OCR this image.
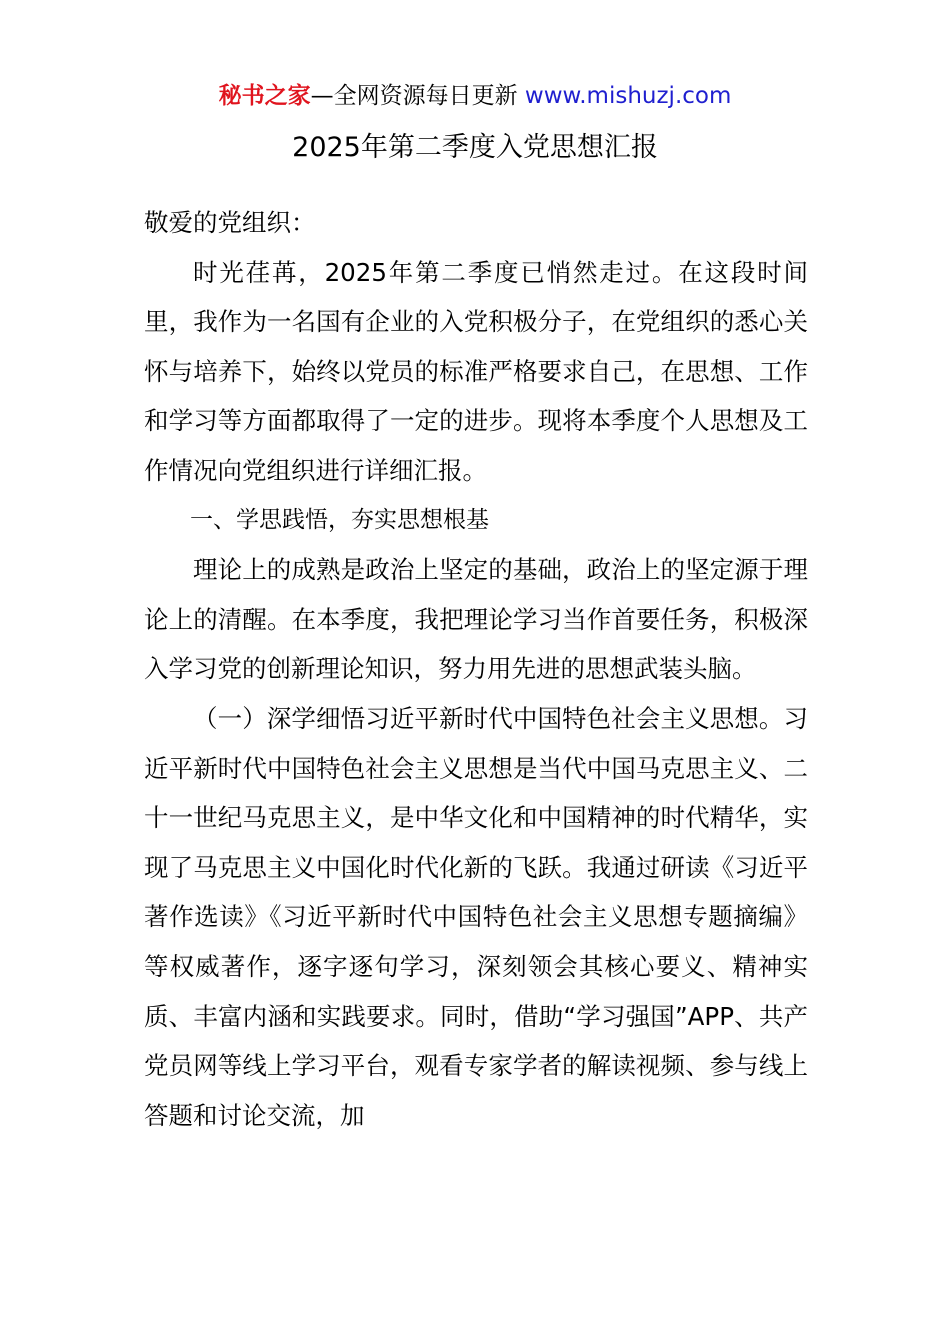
秘书之家—全网资源每日更新 www.mishuzj.com
2025年第二季度入党思想汇报

敬爱的党组织：

时光荏苒，2025年第二季度已悄然走过。在这段时间里，我作为一名国有企业的入党积极分子，在党组织的悉心关怀与培养下，始终以党员的标准严格要求自己，在思想、工作和学习等方面都取得了一定的进步。现将本季度个人思想及工作情况向党组织进行详细汇报。

一、学思践悟，夯实思想根基

理论上的成熟是政治上坚定的基础，政治上的坚定源于理论上的清醒。在本季度，我把理论学习当作首要任务，积极深入学习党的创新理论知识，努力用先进的思想武装头脑。

（一）深学细悟习近平新时代中国特色社会主义思想。习近平新时代中国特色社会主义思想是当代中国马克思主义、二十一世纪马克思主义，是中华文化和中国精神的时代精华，实现了马克思主义中国化时代化新的飞跃。我通过研读《习近平著作选读》《习近平新时代中国特色社会主义思想专题摘编》等权威著作，逐字逐句学习，深刻领会其核心要义、精神实质、丰富内涵和实践要求。同时，借助“学习强国”APP、共产党员网等线上学习平台，观看专家学者的解读视频、参与线上答题和讨论交流，加
